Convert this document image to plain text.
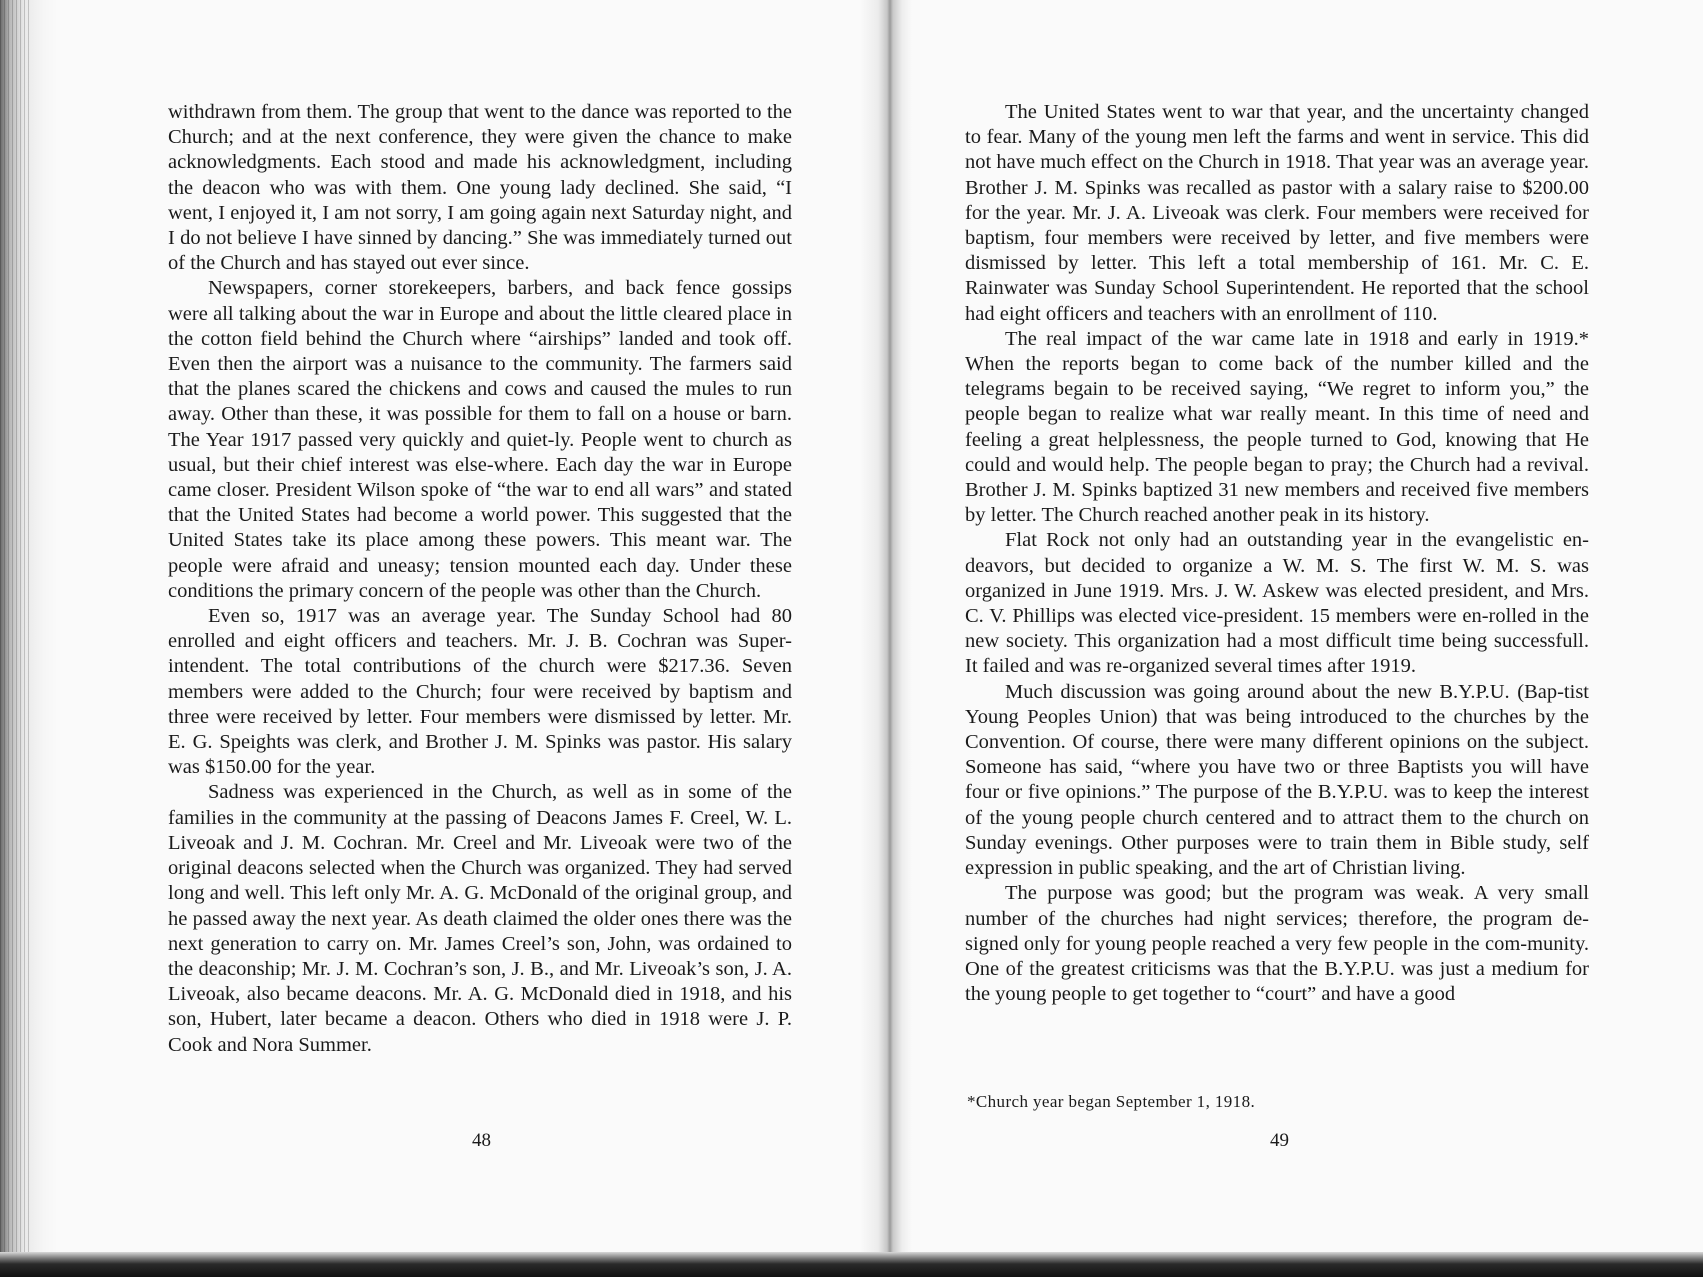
withdrawn from them. The group that went to the dance was reported to the Church; and at the next conference, they were given the chance to make acknowledgments. Each stood and made his acknowledgment, including the deacon who was with them. One young lady declined. She said, “I went, I enjoyed it, I am not sorry, I am going again next Saturday night, and I do not believe I have sinned by dancing.” She was immediately turned out of the Church and has stayed out ever since.

Newspapers, corner storekeepers, barbers, and back fence gossips were all talking about the war in Europe and about the little cleared place in the cotton field behind the Church where “airships” landed and took off. Even then the airport was a nuisance to the community. The farmers said that the planes scared the chickens and cows and caused the mules to run away. Other than these, it was possible for them to fall on a house or barn. The Year 1917 passed very quickly and quiet-ly. People went to church as usual, but their chief interest was else-where. Each day the war in Europe came closer. President Wilson spoke of “the war to end all wars” and stated that the United States had become a world power. This suggested that the United States take its place among these powers. This meant war. The people were afraid and uneasy; tension mounted each day. Under these conditions the primary concern of the people was other than the Church.

Even so, 1917 was an average year. The Sunday School had 80 enrolled and eight officers and teachers. Mr. J. B. Cochran was Super-intendent. The total contributions of the church were $217.36. Seven members were added to the Church; four were received by baptism and three were received by letter. Four members were dismissed by letter. Mr. E. G. Speights was clerk, and Brother J. M. Spinks was pastor. His salary was $150.00 for the year.

Sadness was experienced in the Church, as well as in some of the families in the community at the passing of Deacons James F. Creel, W. L. Liveoak and J. M. Cochran. Mr. Creel and Mr. Liveoak were two of the original deacons selected when the Church was organized. They had served long and well. This left only Mr. A. G. McDonald of the original group, and he passed away the next year. As death claimed the older ones there was the next generation to carry on. Mr. James Creel’s son, John, was ordained to the deaconship; Mr. J. M. Cochran’s son, J. B., and Mr. Liveoak’s son, J. A. Liveoak, also became deacons. Mr. A. G. McDonald died in 1918, and his son, Hubert, later became a deacon. Others who died in 1918 were J. P. Cook and Nora Summer.

48

The United States went to war that year, and the uncertainty changed to fear. Many of the young men left the farms and went in service. This did not have much effect on the Church in 1918. That year was an average year. Brother J. M. Spinks was recalled as pastor with a salary raise to $200.00 for the year. Mr. J. A. Liveoak was clerk. Four members were received for baptism, four members were received by letter, and five members were dismissed by letter. This left a total membership of 161. Mr. C. E. Rainwater was Sunday School Superintendent. He reported that the school had eight officers and teachers with an enrollment of 110.

The real impact of the war came late in 1918 and early in 1919.* When the reports began to come back of the number killed and the telegrams begain to be received saying, “We regret to inform you,” the people began to realize what war really meant. In this time of need and feeling a great helplessness, the people turned to God, knowing that He could and would help. The people began to pray; the Church had a revival. Brother J. M. Spinks baptized 31 new members and received five members by letter. The Church reached another peak in its history.

Flat Rock not only had an outstanding year in the evangelistic en-deavors, but decided to organize a W. M. S. The first W. M. S. was organized in June 1919. Mrs. J. W. Askew was elected president, and Mrs. C. V. Phillips was elected vice-president. 15 members were en-rolled in the new society. This organization had a most difficult time being successfull. It failed and was re-organized several times after 1919.

Much discussion was going around about the new B.Y.P.U. (Bap-tist Young Peoples Union) that was being introduced to the churches by the Convention. Of course, there were many different opinions on the subject. Someone has said, “where you have two or three Baptists you will have four or five opinions.” The purpose of the B.Y.P.U. was to keep the interest of the young people church centered and to attract them to the church on Sunday evenings. Other purposes were to train them in Bible study, self expression in public speaking, and the art of Christian living.

The purpose was good; but the program was weak. A very small number of the churches had night services; therefore, the program de-signed only for young people reached a very few people in the com-munity. One of the greatest criticisms was that the B.Y.P.U. was just a medium for the young people to get together to “court” and have a good

*Church year began September 1, 1918.
49
